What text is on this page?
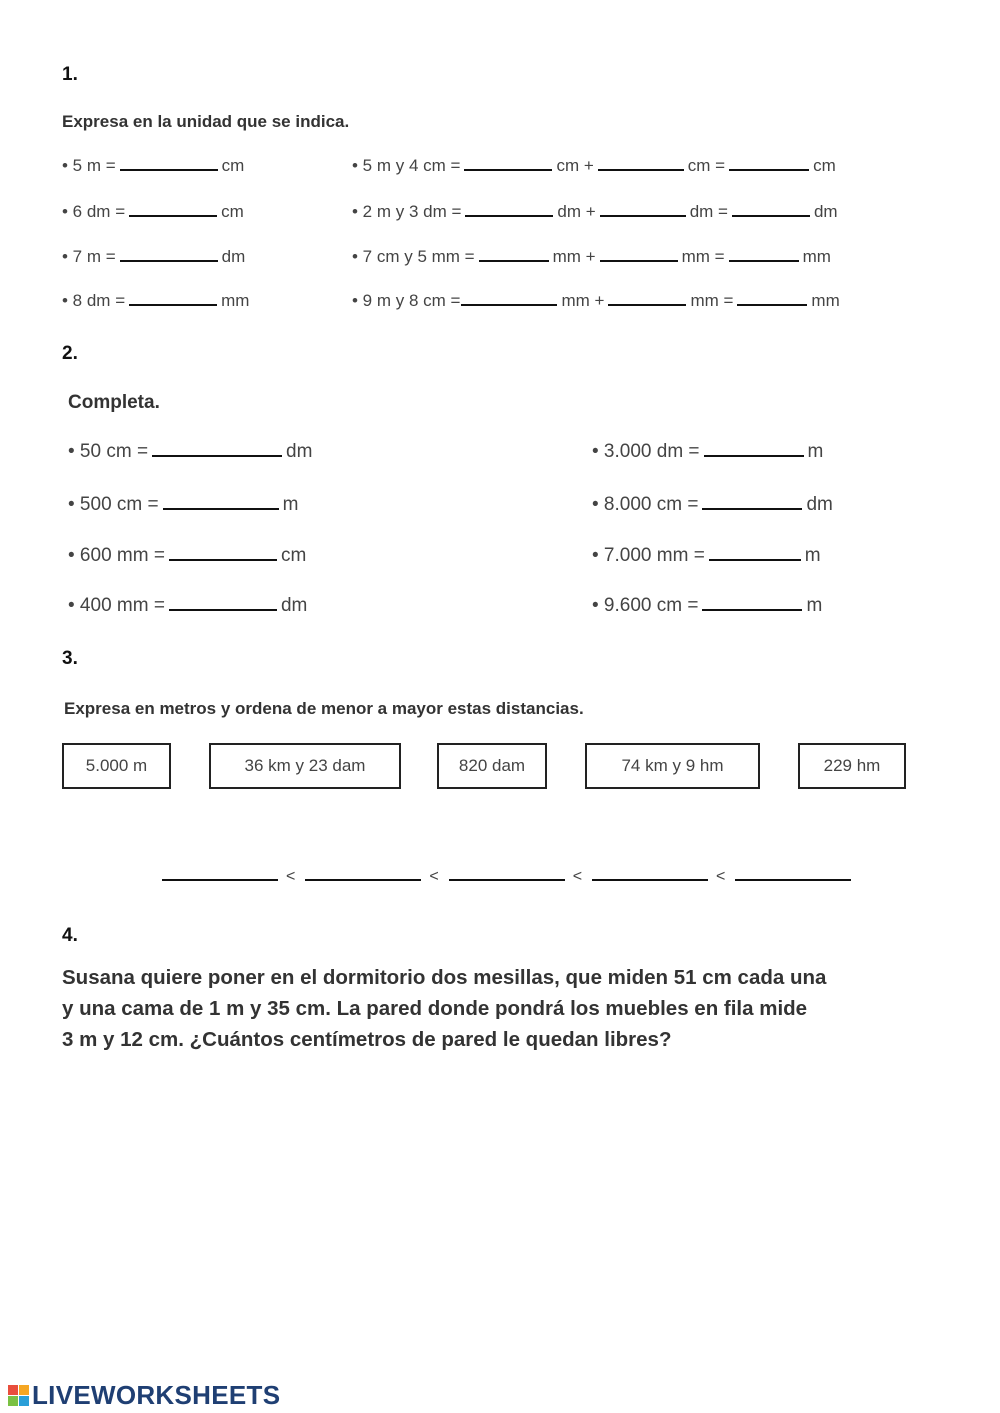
1.
Expresa en la unidad que se indica.
• 5 m =	cm
• 6 dm =	cm
• 7 m =	dm
• 8 dm =	mm
• 5 m y 4 cm =	cm +	cm =	cm
• 2 m y 3 dm =	dm +	dm =	dm
• 7 cm y 5 mm =	mm +	mm =	mm
• 9 m y 8 cm =	mm +	mm =	mm
2.
Completa.
• 50 cm =	dm
• 500 cm =	m
• 600 mm =	cm
• 400 mm =	dm
• 3.000 dm =	m
• 8.000 cm =	dm
• 7.000 mm =	m
• 9.600 cm =	m
3.
Expresa en metros y ordena de menor a mayor estas distancias.
5.000 m	36 km y 23 dam	820 dam	74 km y 9 hm	229 hm
<	<	<	<
4.
Susana quiere poner en el dormitorio dos mesillas, que miden 51 cm cada una
y una cama de 1 m y 35 cm. La pared donde pondrá los muebles en fila mide
3 m y 12 cm. ¿Cuántos centímetros de pared le quedan libres?
LIVEWORKSHEETS
